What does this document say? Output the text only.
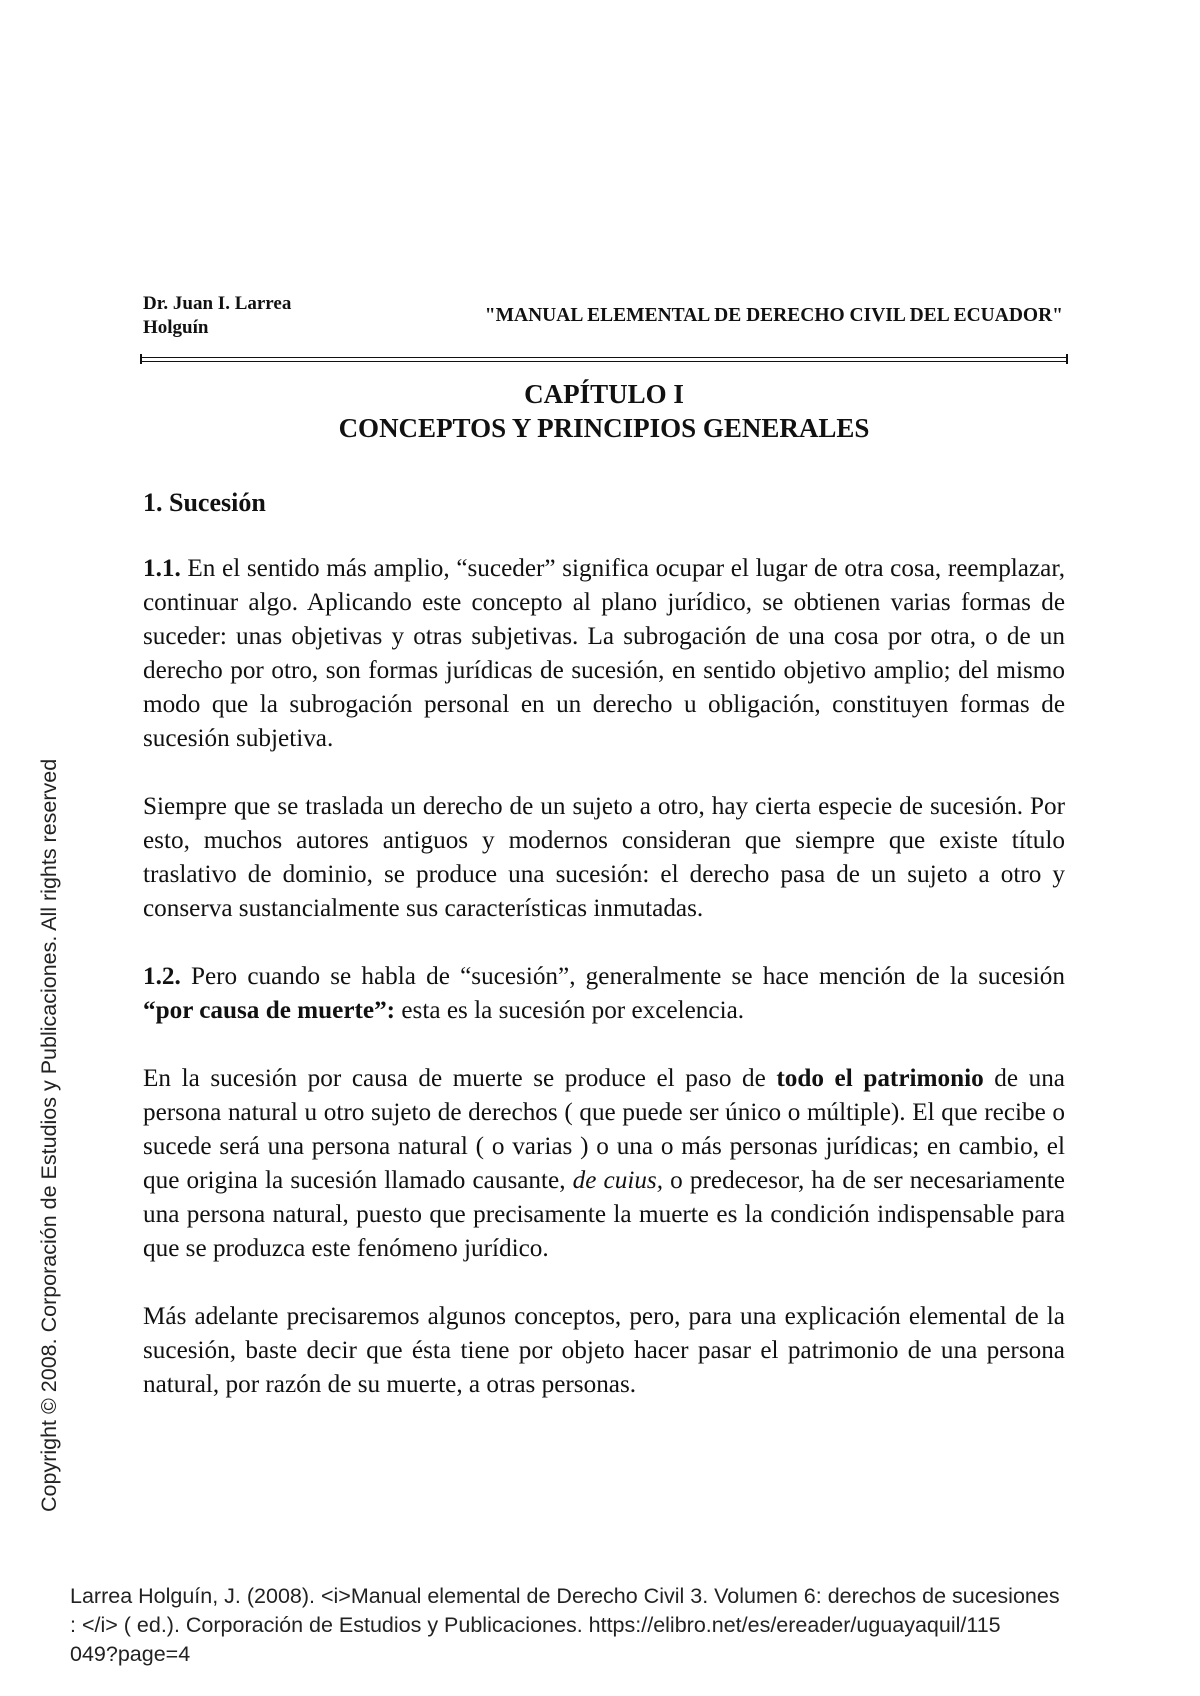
Dr. Juan I. Larrea
Holguín
"MANUAL ELEMENTAL DE DERECHO CIVIL DEL ECUADOR"
CAPÍTULO I
CONCEPTOS Y PRINCIPIOS GENERALES
1. Sucesión

1.1. En el sentido más amplio, “suceder” significa ocupar el lugar de otra cosa, reemplazar, continuar algo. Aplicando este concepto al plano jurídico, se obtienen varias formas de suceder: unas objetivas y otras subjetivas. La subrogación de una cosa por otra, o de un derecho por otro, son formas jurídicas de sucesión, en sentido objetivo amplio; del mismo modo que la subrogación personal en un derecho u obligación, constituyen formas de sucesión subjetiva.

Siempre que se traslada un derecho de un sujeto a otro, hay cierta especie de sucesión. Por esto, muchos autores antiguos y modernos consideran que siempre que existe título traslativo de dominio, se produce una sucesión: el derecho pasa de un sujeto a otro y conserva sustancialmente sus características inmutadas.

1.2. Pero cuando se habla de “sucesión”, generalmente se hace mención de la sucesión “por causa de muerte”: esta es la sucesión por excelencia.

En la sucesión por causa de muerte se produce el paso de todo el patrimonio de una persona natural u otro sujeto de derechos ( que puede ser único o múltiple). El que recibe o sucede será una persona natural ( o varias ) o una o más personas jurídicas; en cambio, el que origina la sucesión llamado causante, de cuius, o predecesor, ha de ser necesariamente una persona natural, puesto que precisamente la muerte es la condición indispensable para que se produzca este fenómeno jurídico.

Más adelante precisaremos algunos conceptos, pero, para una explicación elemental de la sucesión, baste decir que ésta tiene por objeto hacer pasar el patrimonio de una persona natural, por razón de su muerte, a otras personas.

Copyright © 2008. Corporación de Estudios y Publicaciones. All rights reserved
Larrea Holguín, J. (2008). <i>Manual elemental de Derecho Civil 3. Volumen 6: derechos de sucesiones
: </i> ( ed.). Corporación de Estudios y Publicaciones. https://elibro.net/es/ereader/uguayaquil/115
049?page=4
